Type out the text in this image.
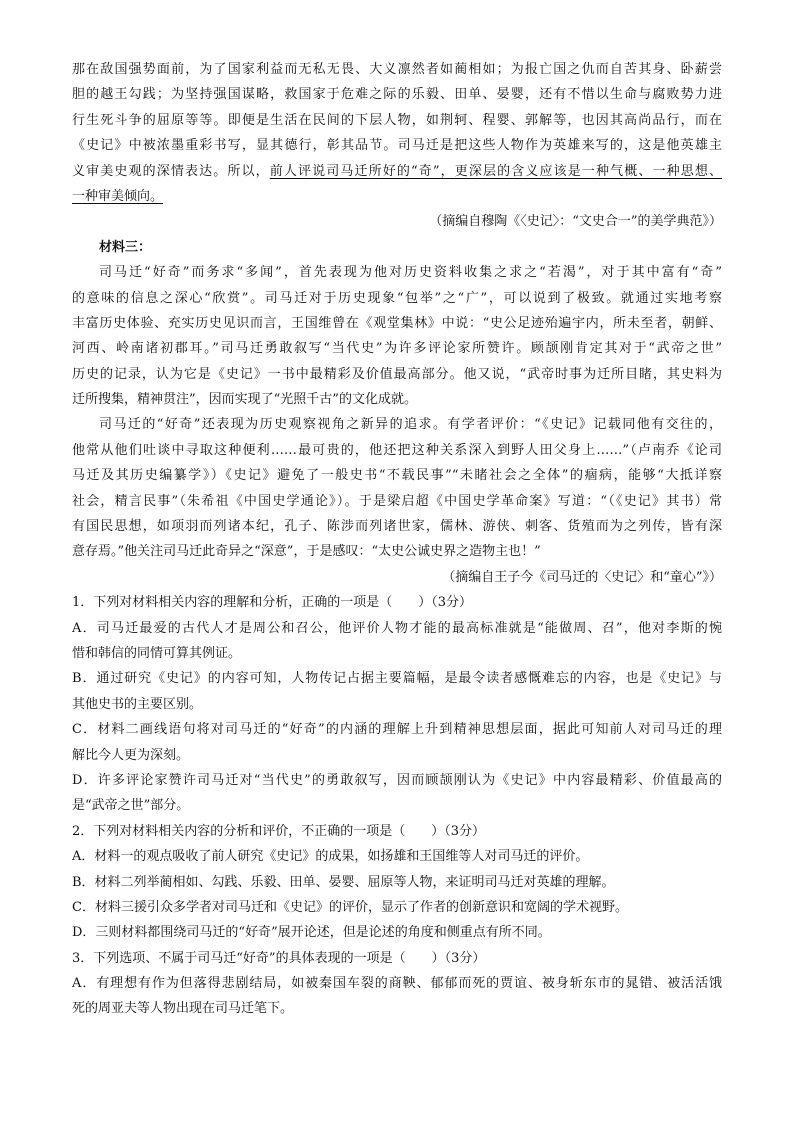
那在敌国强势面前，为了国家利益而无私无畏、大义凛然者如蔺相如；为报亡国之仇而自苦其身、卧薪尝
胆的越王勾践；为坚持强国谋略，救国家于危难之际的乐毅、田单、晏婴，还有不惜以生命与腐败势力进
行生死斗争的屈原等等。即便是生活在民间的下层人物，如荆轲、程婴、郭解等，也因其高尚品行，而在
《史记》中被浓墨重彩书写，显其德行，彰其品节。司马迁是把这些人物作为英雄来写的，这是他英雄主
义审美史观的深情表达。所以，前人评说司马迁所好的“奇”，更深层的含义应该是一种气概、一种思想、
一种审美倾向。
（摘编自穆陶《〈史记〉：“文史合一”的美学典范》）
材料三：
司马迁“好奇”而务求“多闻”，首先表现为他对历史资料收集之求之“若渴”，对于其中富有“奇”
的意味的信息之深心“欣赏”。司马迁对于历史现象“包举”之“广”，可以说到了极致。就通过实地考察
丰富历史体验、充实历史见识而言，王国维曾在《观堂集林》中说：“史公足迹殆遍宇内，所未至者，朝鲜、
河西、岭南诸初郡耳。”司马迁勇敢叙写“当代史”为许多评论家所赞许。顾颉刚肯定其对于“武帝之世”
历史的记录，认为它是《史记》一书中最精彩及价值最高部分。他又说，“武帝时事为迁所目睹，其史料为
迁所搜集，精神贯注”，因而实现了“光照千古”的文化成就。
司马迁的“好奇”还表现为历史观察视角之新异的追求。有学者评价：“《史记》记载同他有交往的，
他常从他们吐谈中寻取这种便利……最可贵的，他还把这种关系深入到野人田父身上……”（卢南乔《论司
马迁及其历史编纂学》）《史记》避免了一般史书“不载民事”“未睹社会之全体”的痼病，能够“大抵详察
社会，精言民事”（朱希祖《中国史学通论》）。于是梁启超《中国史学革命案》写道：“（《史记》其书）常
有国民思想，如项羽而列诸本纪，孔子、陈涉而列诸世家，儒林、游侠、刺客、货殖而为之列传，皆有深
意存焉。”他关注司马迁此奇异之“深意”，于是感叹：“太史公诚史界之造物主也！”
（摘编自王子今《司马迁的〈史记〉和“童心”》）
1．下列对材料相关内容的理解和分析，正确的一项是（　　）（3分）
A．司马迁最爱的古代人才是周公和召公，他评价人物才能的最高标准就是“能做周、召”，他对李斯的惋
惜和韩信的同情可算其例证。
B．通过研究《史记》的内容可知，人物传记占据主要篇幅，是最令读者感慨难忘的内容，也是《史记》与
其他史书的主要区别。
C．材料二画线语句将对司马迁的“好奇”的内涵的理解上升到精神思想层面，据此可知前人对司马迁的理
解比今人更为深刻。
D．许多评论家赞许司马迁对“当代史”的勇敢叙写，因而顾颉刚认为《史记》中内容最精彩、价值最高的
是“武帝之世”部分。
2．下列对材料相关内容的分析和评价，不正确的一项是（　　）（3分）
A．材料一的观点吸收了前人研究《史记》的成果，如扬雄和王国维等人对司马迁的评价。
B．材料二列举蔺相如、勾践、乐毅、田单、晏婴、屈原等人物，来证明司马迁对英雄的理解。
C．材料三援引众多学者对司马迁和《史记》的评价，显示了作者的创新意识和宽阔的学术视野。
D．三则材料都围绕司马迁的“好奇”展开论述，但是论述的角度和侧重点有所不同。
3．下列选项、不属于司马迁“好奇”的具体表现的一项是（　　）（3分）
A．有理想有作为但落得悲剧结局，如被秦国车裂的商鞅、郁郁而死的贾谊、被身斩东市的晁错、被活活饿
死的周亚夫等人物出现在司马迁笔下。
